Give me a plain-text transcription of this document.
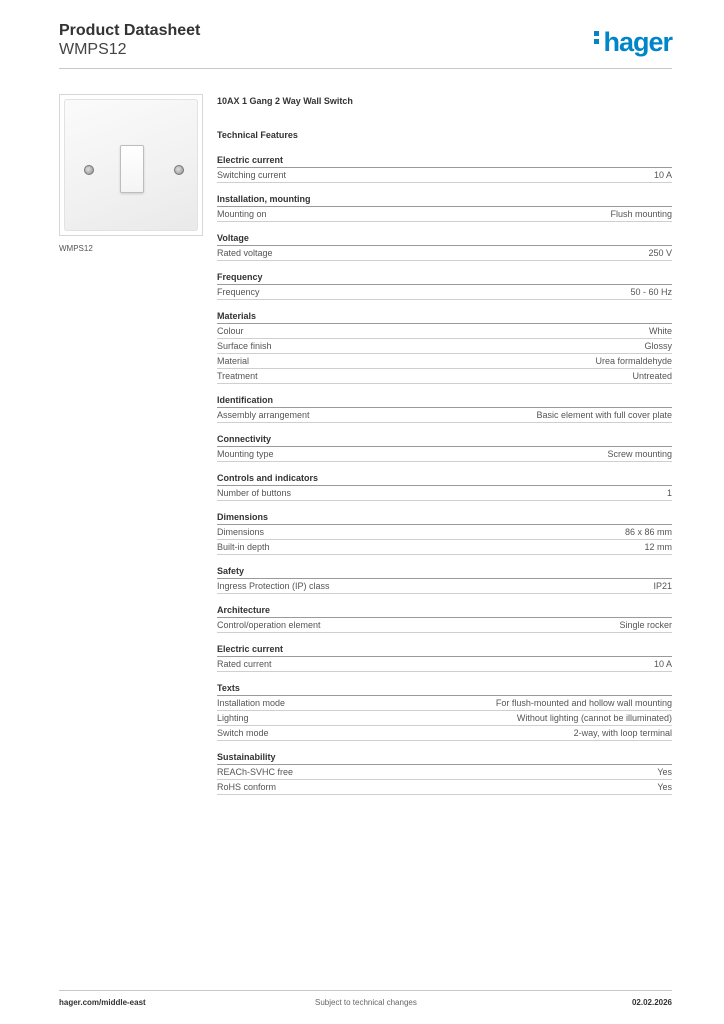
Product Datasheet
WMPS12	hager
WMPS12
10AX 1 Gang 2 Way Wall Switch
Technical Features
Electric current
Switching current	10 A
Installation, mounting
Mounting on	Flush mounting
Voltage
Rated voltage	250 V
Frequency
Frequency	50 - 60 Hz
Materials
Colour	White
Surface finish	Glossy
Material	Urea formaldehyde
Treatment	Untreated
Identification
Assembly arrangement	Basic element with full cover plate
Connectivity
Mounting type	Screw mounting
Controls and indicators
Number of buttons	1
Dimensions
Dimensions	86 x 86 mm
Built-in depth	12 mm
Safety
Ingress Protection (IP) class	IP21
Architecture
Control/operation element	Single rocker
Electric current
Rated current	10 A
Texts
Installation mode	For flush-mounted and hollow wall mounting
Lighting	Without lighting (cannot be illuminated)
Switch mode	2-way, with loop terminal
Sustainability
REACh-SVHC free	Yes
RoHS conform	Yes
hager.com/middle-east	Subject to technical changes	02.02.2026
